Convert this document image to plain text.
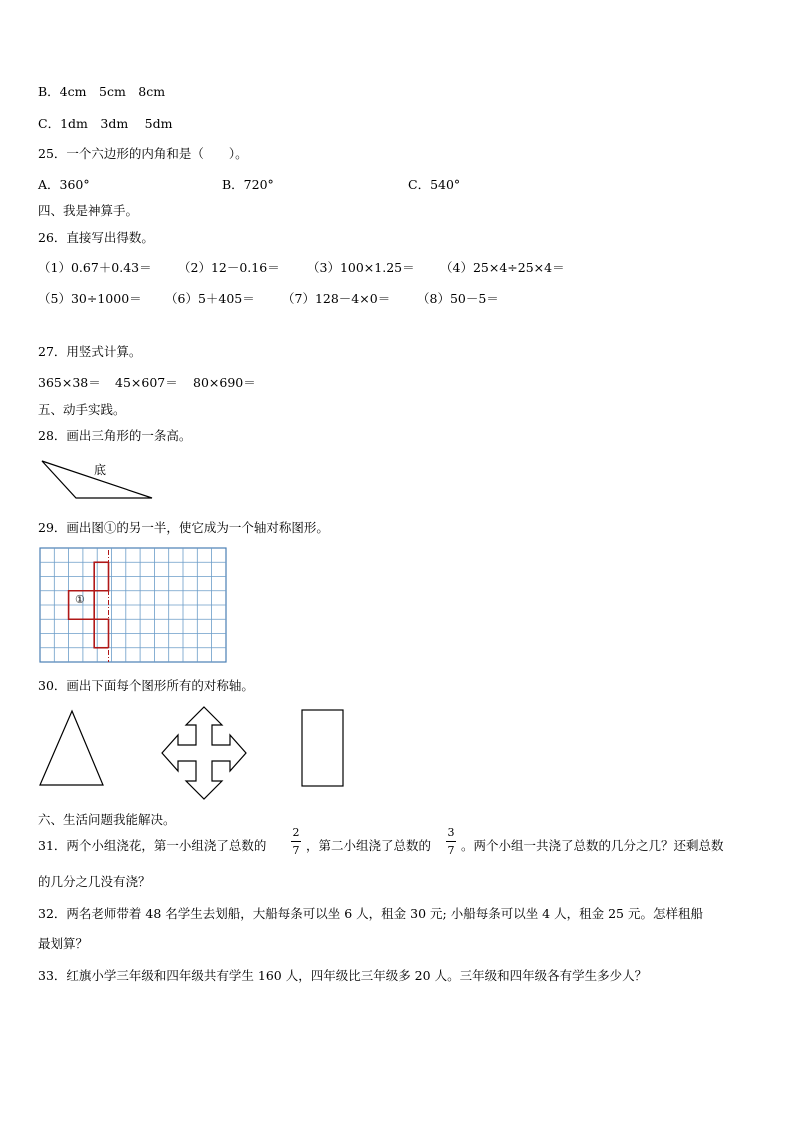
B．4cm　5cm　8cm
C．1dm　3dm　 5dm
25．一个六边形的内角和是（　　）。
A．360°	B．720°	C．540°
四、我是神算手。
26．直接写出得数。
（1）0.67＋0.43＝ （2）12－0.16＝ （3）100×1.25＝ （4）25×4÷25×4＝
（5）30÷1000＝ （6）5＋405＝ （7）128－4×0＝ （8）50－5＝
27．用竖式计算。
365×38＝ 45×607＝ 80×690＝
五、动手实践。
28．画出三角形的一条高。
底
29．画出图①的另一半，使它成为一个轴对称图形。
①
30．画出下面每个图形所有的对称轴。
六、生活问题我能解决。
31．两个小组浇花，第一小组浇了总数的
2
7 ，第二小组浇了总数的
3
7 。两个小组一共浇了总数的几分之几？还剩总数
的几分之几没有浇？
32．两名老师带着 48 名学生去划船，大船每条可以坐 6 人，租金 30 元; 小船每条可以坐 4 人，租金 25 元。怎样租船
最划算？
33．红旗小学三年级和四年级共有学生 160 人，四年级比三年级多 20 人。三年级和四年级各有学生多少人？
